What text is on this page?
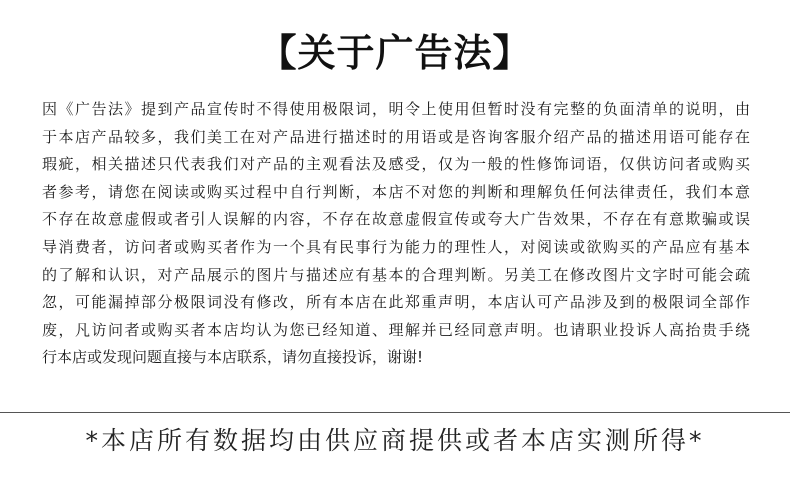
【关于广告法】
因《广告法》提到产品宣传时不得使用极限词，明令上使用但暂时没有完整的负面清单的说明，由
于本店产品较多，我们美工在对产品进行描述时的用语或是咨询客服介绍产品的描述用语可能存在
瑕疵，相关描述只代表我们对产品的主观看法及感受，仅为一般的性修饰词语，仅供访问者或购买
者参考，请您在阅读或购买过程中自行判断，本店不对您的判断和理解负任何法律责任，我们本意
不存在故意虚假或者引人误解的内容，不存在故意虚假宣传或夸大广告效果，不存在有意欺骗或误
导消费者，访问者或购买者作为一个具有民事行为能力的理性人，对阅读或欲购买的产品应有基本
的了解和认识，对产品展示的图片与描述应有基本的合理判断。另美工在修改图片文字时可能会疏
忽，可能漏掉部分极限词没有修改，所有本店在此郑重声明，本店认可产品涉及到的极限词全部作
废，凡访问者或购买者本店均认为您已经知道、理解并已经同意声明。也请职业投诉人高抬贵手绕
行本店或发现问题直接与本店联系，请勿直接投诉，谢谢!
*本店所有数据均由供应商提供或者本店实测所得*
